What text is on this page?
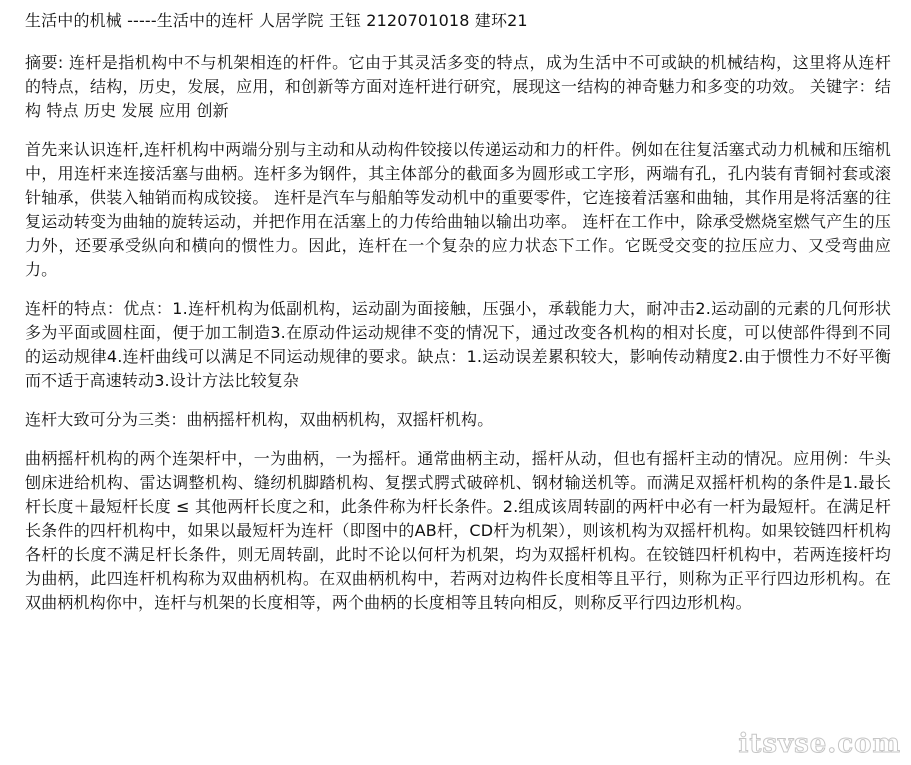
生活中的机械 -----生活中的连杆 人居学院 王钰 2120701018 建环21

摘要: 连杆是指机构中不与机架相连的杆件。它由于其灵活多变的特点，成为生活中不可或缺的机械结构，这里将从连杆的特点，结构，历史，发展，应用，和创新等方面对连杆进行研究，展现这一结构的神奇魅力和多变的功效。 关键字：结构 特点 历史 发展 应用 创新

首先来认识连杆,连杆机构中两端分别与主动和从动构件铰接以传递运动和力的杆件。例如在往复活塞式动力机械和压缩机中，用连杆来连接活塞与曲柄。连杆多为钢件，其主体部分的截面多为圆形或工字形，两端有孔，孔内装有青铜衬套或滚针轴承，供装入轴销而构成铰接。 连杆是汽车与船舶等发动机中的重要零件，它连接着活塞和曲轴，其作用是将活塞的往复运动转变为曲轴的旋转运动，并把作用在活塞上的力传给曲轴以输出功率。 连杆在工作中，除承受燃烧室燃气产生的压力外，还要承受纵向和横向的惯性力。因此，连杆在一个复杂的应力状态下工作。它既受交变的拉压应力、又受弯曲应力。

连杆的特点：优点：1.连杆机构为低副机构，运动副为面接触，压强小，承载能力大，耐冲击2.运动副的元素的几何形状多为平面或圆柱面，便于加工制造3.在原动件运动规律不变的情况下，通过改变各机构的相对长度，可以使部件得到不同的运动规律4.连杆曲线可以满足不同运动规律的要求。缺点：1.运动误差累积较大，影响传动精度2.由于惯性力不好平衡而不适于高速转动3.设计方法比较复杂

连杆大致可分为三类：曲柄摇杆机构，双曲柄机构，双摇杆机构。

曲柄摇杆机构的两个连架杆中，一为曲柄，一为摇杆。通常曲柄主动，摇杆从动，但也有摇杆主动的情况。应用例：牛头刨床进给机构、雷达调整机构、缝纫机脚踏机构、复摆式腭式破碎机、钢材输送机等。而满足双摇杆机构的条件是1.最长杆长度＋最短杆长度 ≤ 其他两杆长度之和，此条件称为杆长条件。2.组成该周转副的两杆中必有一杆为最短杆。在满足杆长条件的四杆机构中，如果以最短杆为连杆（即图中的AB杆，CD杆为机架），则该机构为双摇杆机构。如果铰链四杆机构各杆的长度不满足杆长条件，则无周转副，此时不论以何杆为机架，均为双摇杆机构。在铰链四杆机构中，若两连接杆均为曲柄，此四连杆机构称为双曲柄机构。在双曲柄机构中，若两对边构件长度相等且平行，则称为正平行四边形机构。在双曲柄机构你中，连杆与机架的长度相等，两个曲柄的长度相等且转向相反，则称反平行四边形机构。

itsvse.com
